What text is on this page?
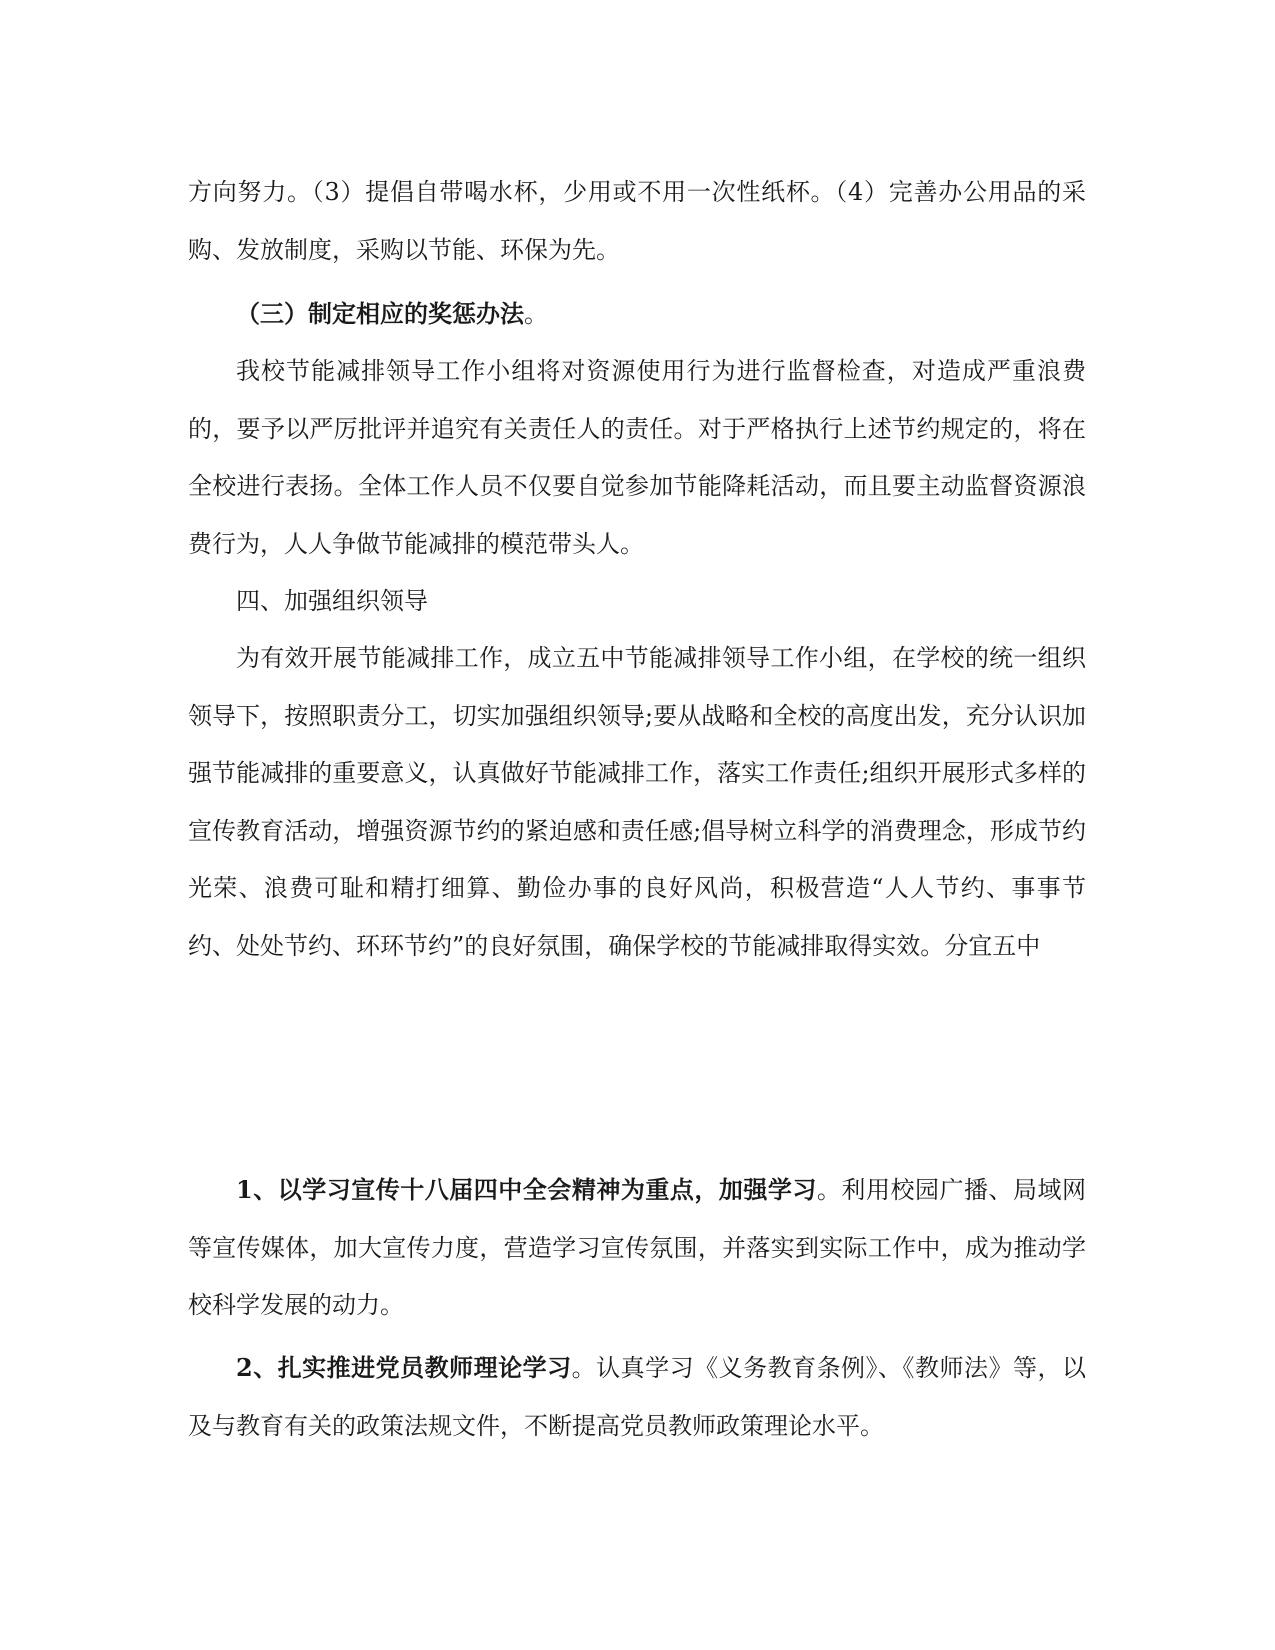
方向努力。（3）提倡自带喝水杯，少用或不用一次性纸杯。（4）完善办公用品的采购、发放制度，采购以节能、环保为先。

（三）制定相应的奖惩办法。

我校节能减排领导工作小组将对资源使用行为进行监督检查，对造成严重浪费的，要予以严厉批评并追究有关责任人的责任。对于严格执行上述节约规定的，将在全校进行表扬。全体工作人员不仅要自觉参加节能降耗活动，而且要主动监督资源浪费行为，人人争做节能减排的模范带头人。

四、加强组织领导

为有效开展节能减排工作，成立五中节能减排领导工作小组，在学校的统一组织领导下，按照职责分工，切实加强组织领导;要从战略和全校的高度出发，充分认识加强节能减排的重要意义，认真做好节能减排工作，落实工作责任;组织开展形式多样的宣传教育活动，增强资源节约的紧迫感和责任感;倡导树立科学的消费理念，形成节约光荣、浪费可耻和精打细算、勤俭办事的良好风尚，积极营造“人人节约、事事节约、处处节约、环环节约”的良好氛围，确保学校的节能减排取得实效。分宜五中

1、以学习宣传十八届四中全会精神为重点，加强学习。利用校园广播、局域网等宣传媒体，加大宣传力度，营造学习宣传氛围，并落实到实际工作中，成为推动学校科学发展的动力。

2、扎实推进党员教师理论学习。认真学习《义务教育条例》、《教师法》等，以及与教育有关的政策法规文件，不断提高党员教师政策理论水平。
